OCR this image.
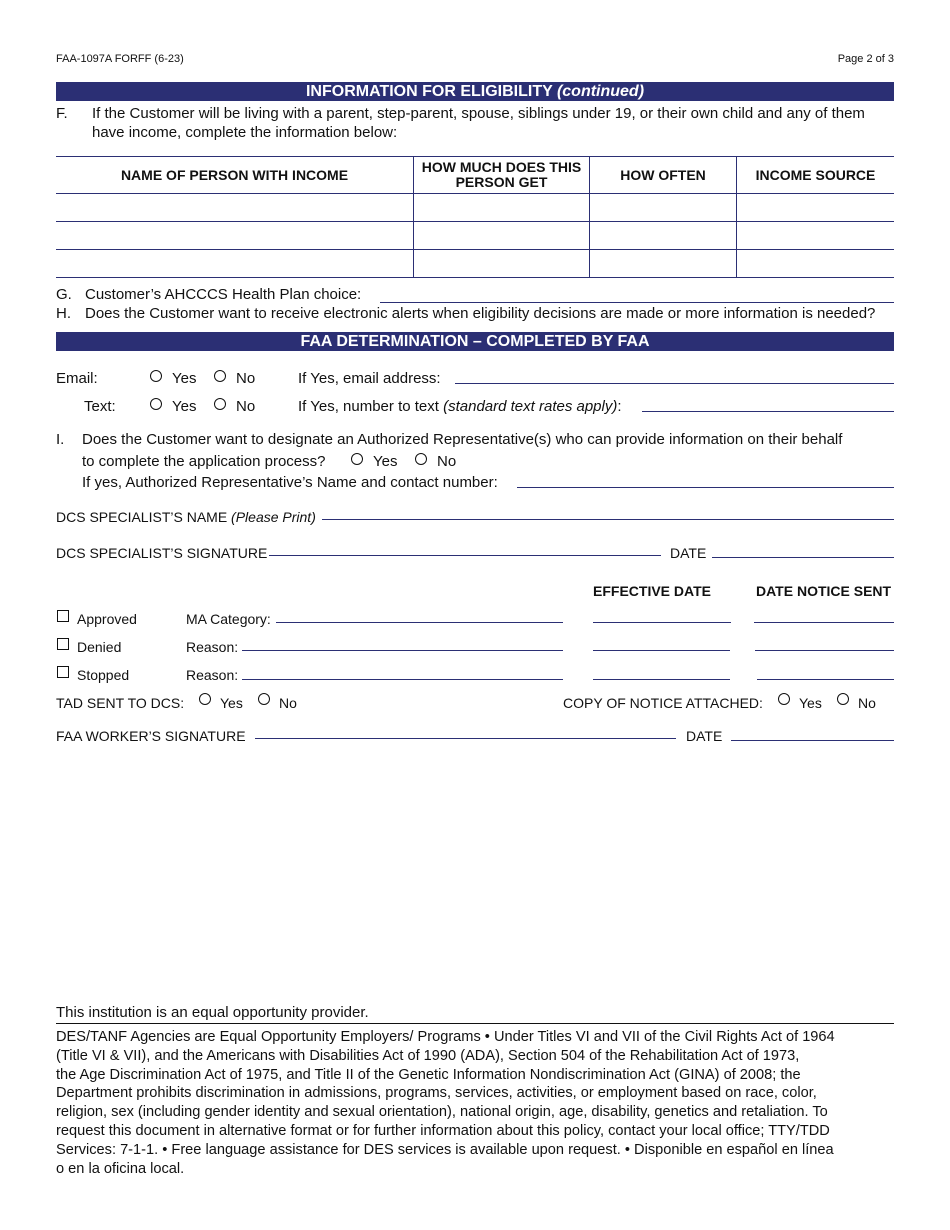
FAA-1097A FORFF (6-23)	Page 2 of 3
INFORMATION FOR ELIGIBILITY (continued)
F. If the Customer will be living with a parent, step-parent, spouse, siblings under 19, or their own child and any of them
have income, complete the information below:
NAME OF PERSON WITH INCOME	HOW MUCH DOES THIS PERSON GET	HOW OFTEN	INCOME SOURCE
G. Customer’s AHCCCS Health Plan choice:
H. Does the Customer want to receive electronic alerts when eligibility decisions are made or more information is needed?
FAA DETERMINATION – COMPLETED BY FAA
Email:	Yes	No	If Yes, email address:
Text:	Yes	No	If Yes, number to text (standard text rates apply):
I. Does the Customer want to designate an Authorized Representative(s) who can provide information on their behalf
to complete the application process?	Yes	No
If yes, Authorized Representative’s Name and contact number:
DCS SPECIALIST’S NAME (Please Print)
DCS SPECIALIST’S SIGNATURE	DATE
EFFECTIVE DATE	DATE NOTICE SENT
Approved	MA Category:
Denied	Reason:
Stopped	Reason:
TAD SENT TO DCS:	Yes	No	COPY OF NOTICE ATTACHED:	Yes	No
FAA WORKER’S SIGNATURE	DATE
This institution is an equal opportunity provider.
DES/TANF Agencies are Equal Opportunity Employers/ Programs • Under Titles VI and VII of the Civil Rights Act of 1964
(Title VI & VII), and the Americans with Disabilities Act of 1990 (ADA), Section 504 of the Rehabilitation Act of 1973,
the Age Discrimination Act of 1975, and Title II of the Genetic Information Nondiscrimination Act (GINA) of 2008; the
Department prohibits discrimination in admissions, programs, services, activities, or employment based on race, color,
religion, sex (including gender identity and sexual orientation), national origin, age, disability, genetics and retaliation. To
request this document in alternative format or for further information about this policy, contact your local office; TTY/TDD
Services: 7-1-1. • Free language assistance for DES services is available upon request. • Disponible en español en línea
o en la oficina local.
